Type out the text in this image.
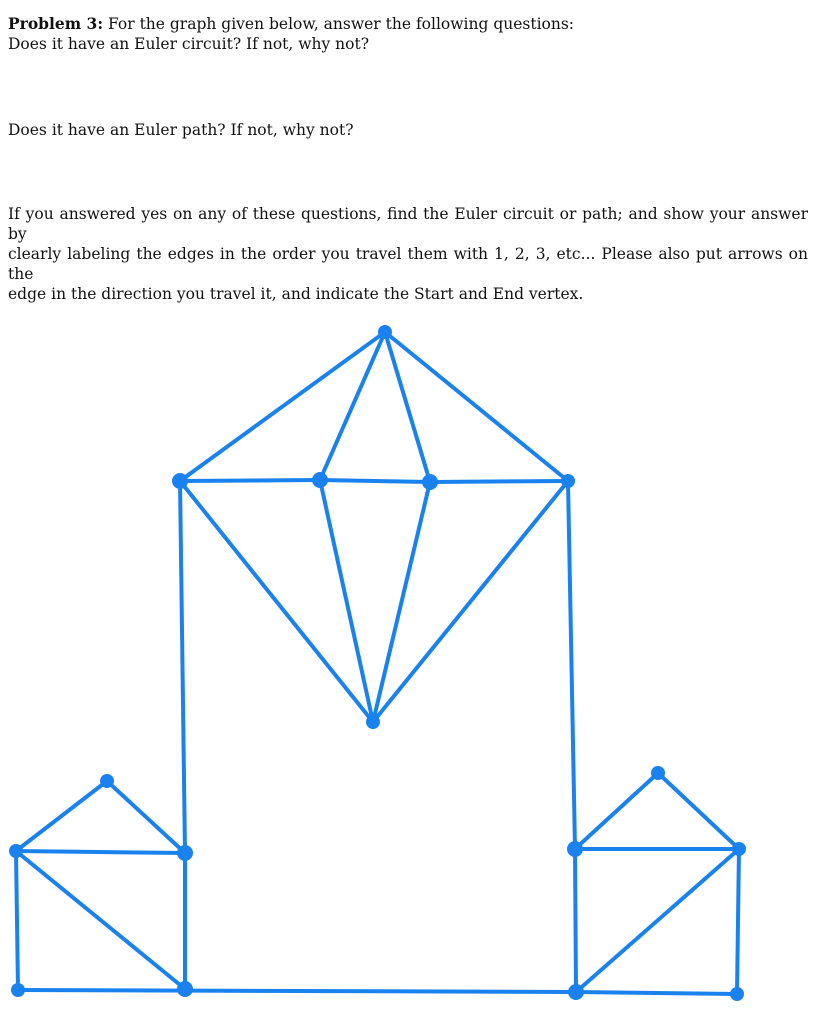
Problem 3: For the graph given below, answer the following questions:
Does it have an Euler circuit? If not, why not?
Does it have an Euler path? If not, why not?
If you answered yes on any of these questions, find the Euler circuit or path; and show your answer by
clearly labeling the edges in the order you travel them with 1, 2, 3, etc... Please also put arrows on the
edge in the direction you travel it, and indicate the Start and End vertex.
